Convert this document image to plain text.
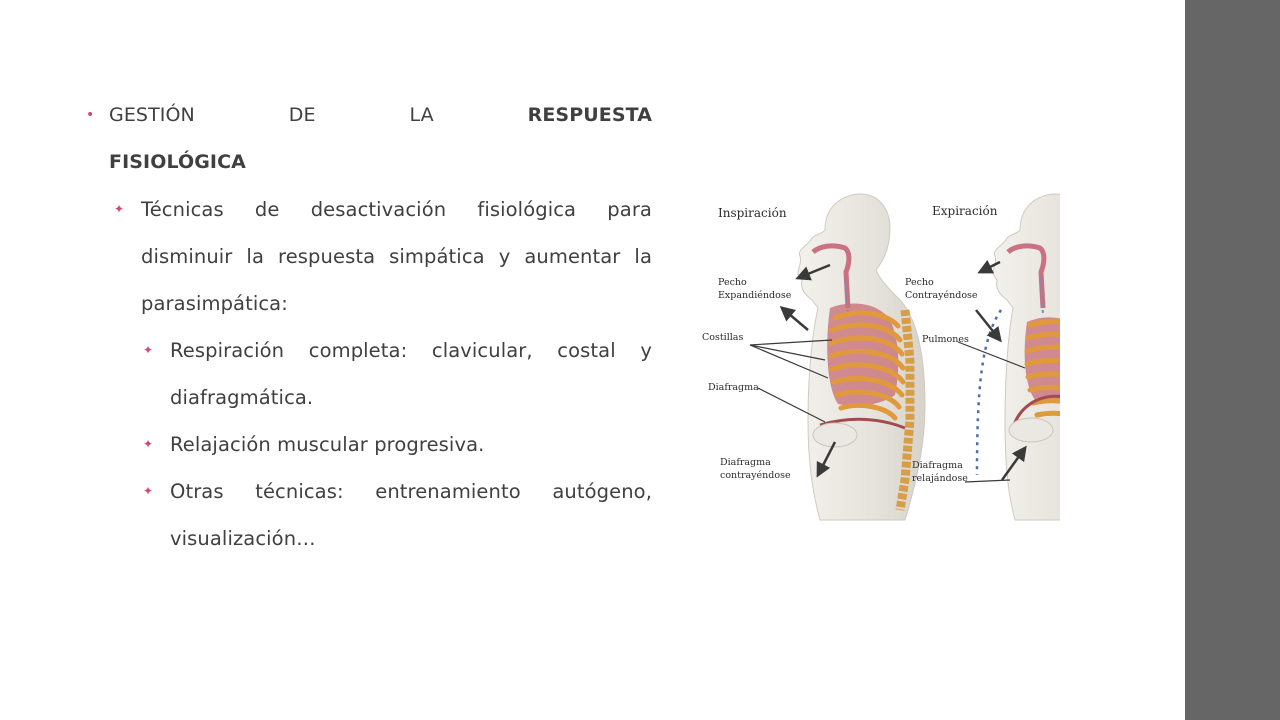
• GESTIÓN	DE	LA	RESPUESTA
FISIOLÓGICA
✦ Técnicas de desactivación fisiológica para
disminuir la respuesta simpática y aumentar la
parasimpática:
✦ Respiración completa: clavicular, costal y
diafragmática.
✦ Relajación muscular progresiva.
✦ Otras técnicas: entrenamiento autógeno,
visualización…
Inspiración
Pecho
Expandiéndose
Costillas
Diafragma
Diafragma
contrayéndose
Expiración
Pecho
Contrayéndose
Pulmones
Diafragma
relajándose
